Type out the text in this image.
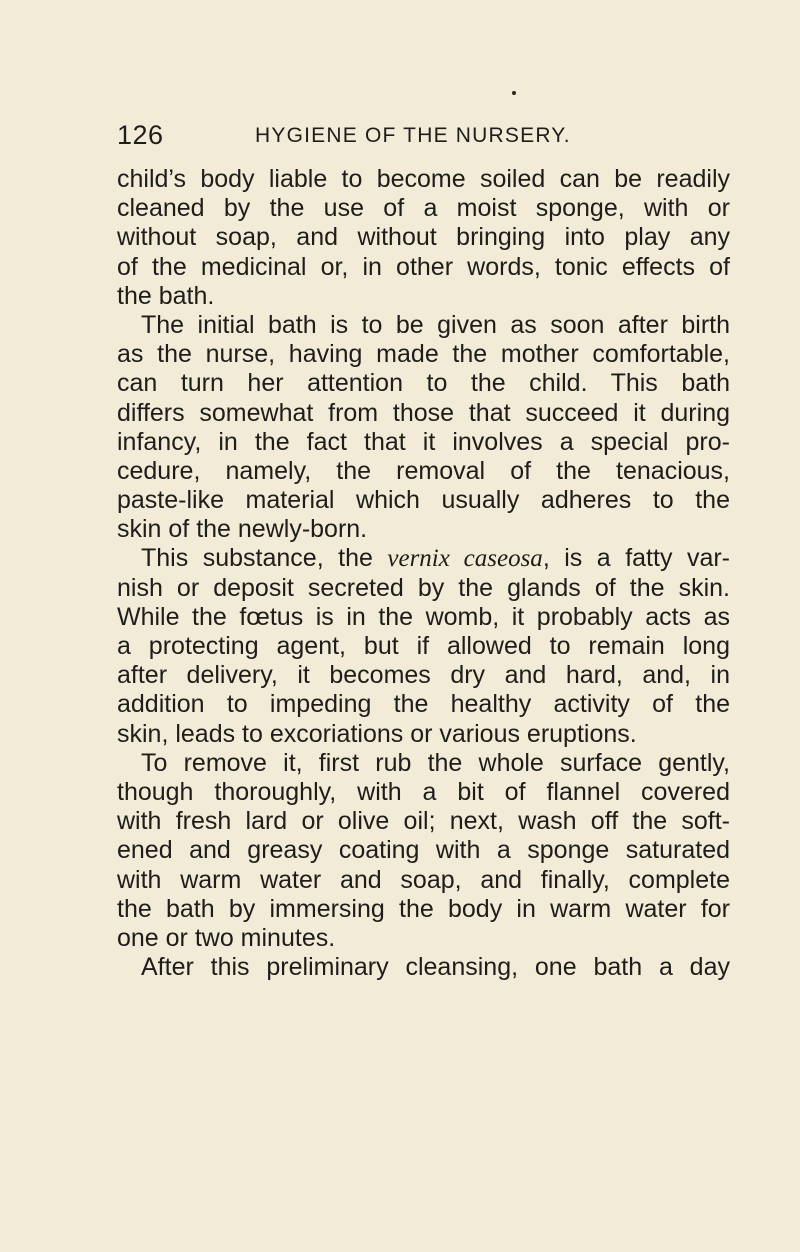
126	HYGIENE OF THE NURSERY.
child’s body liable to become soiled can be readily
cleaned by the use of a moist sponge, with or
without soap, and without bringing into play any
of the medicinal or, in other words, tonic effects of
the bath.
The initial bath is to be given as soon after birth
as the nurse, having made the mother comfortable,
can turn her attention to the child. This bath
differs somewhat from those that succeed it during
infancy, in the fact that it involves a special pro-
cedure, namely, the removal of the tenacious,
paste-like material which usually adheres to the
skin of the newly-born.
This substance, the vernix caseosa, is a fatty var-
nish or deposit secreted by the glands of the skin.
While the fœtus is in the womb, it probably acts as
a protecting agent, but if allowed to remain long
after delivery, it becomes dry and hard, and, in
addition to impeding the healthy activity of the
skin, leads to excoriations or various eruptions.
To remove it, first rub the whole surface gently,
though thoroughly, with a bit of flannel covered
with fresh lard or olive oil; next, wash off the soft-
ened and greasy coating with a sponge saturated
with warm water and soap, and finally, complete
the bath by immersing the body in warm water for
one or two minutes.
After this preliminary cleansing, one bath a day
